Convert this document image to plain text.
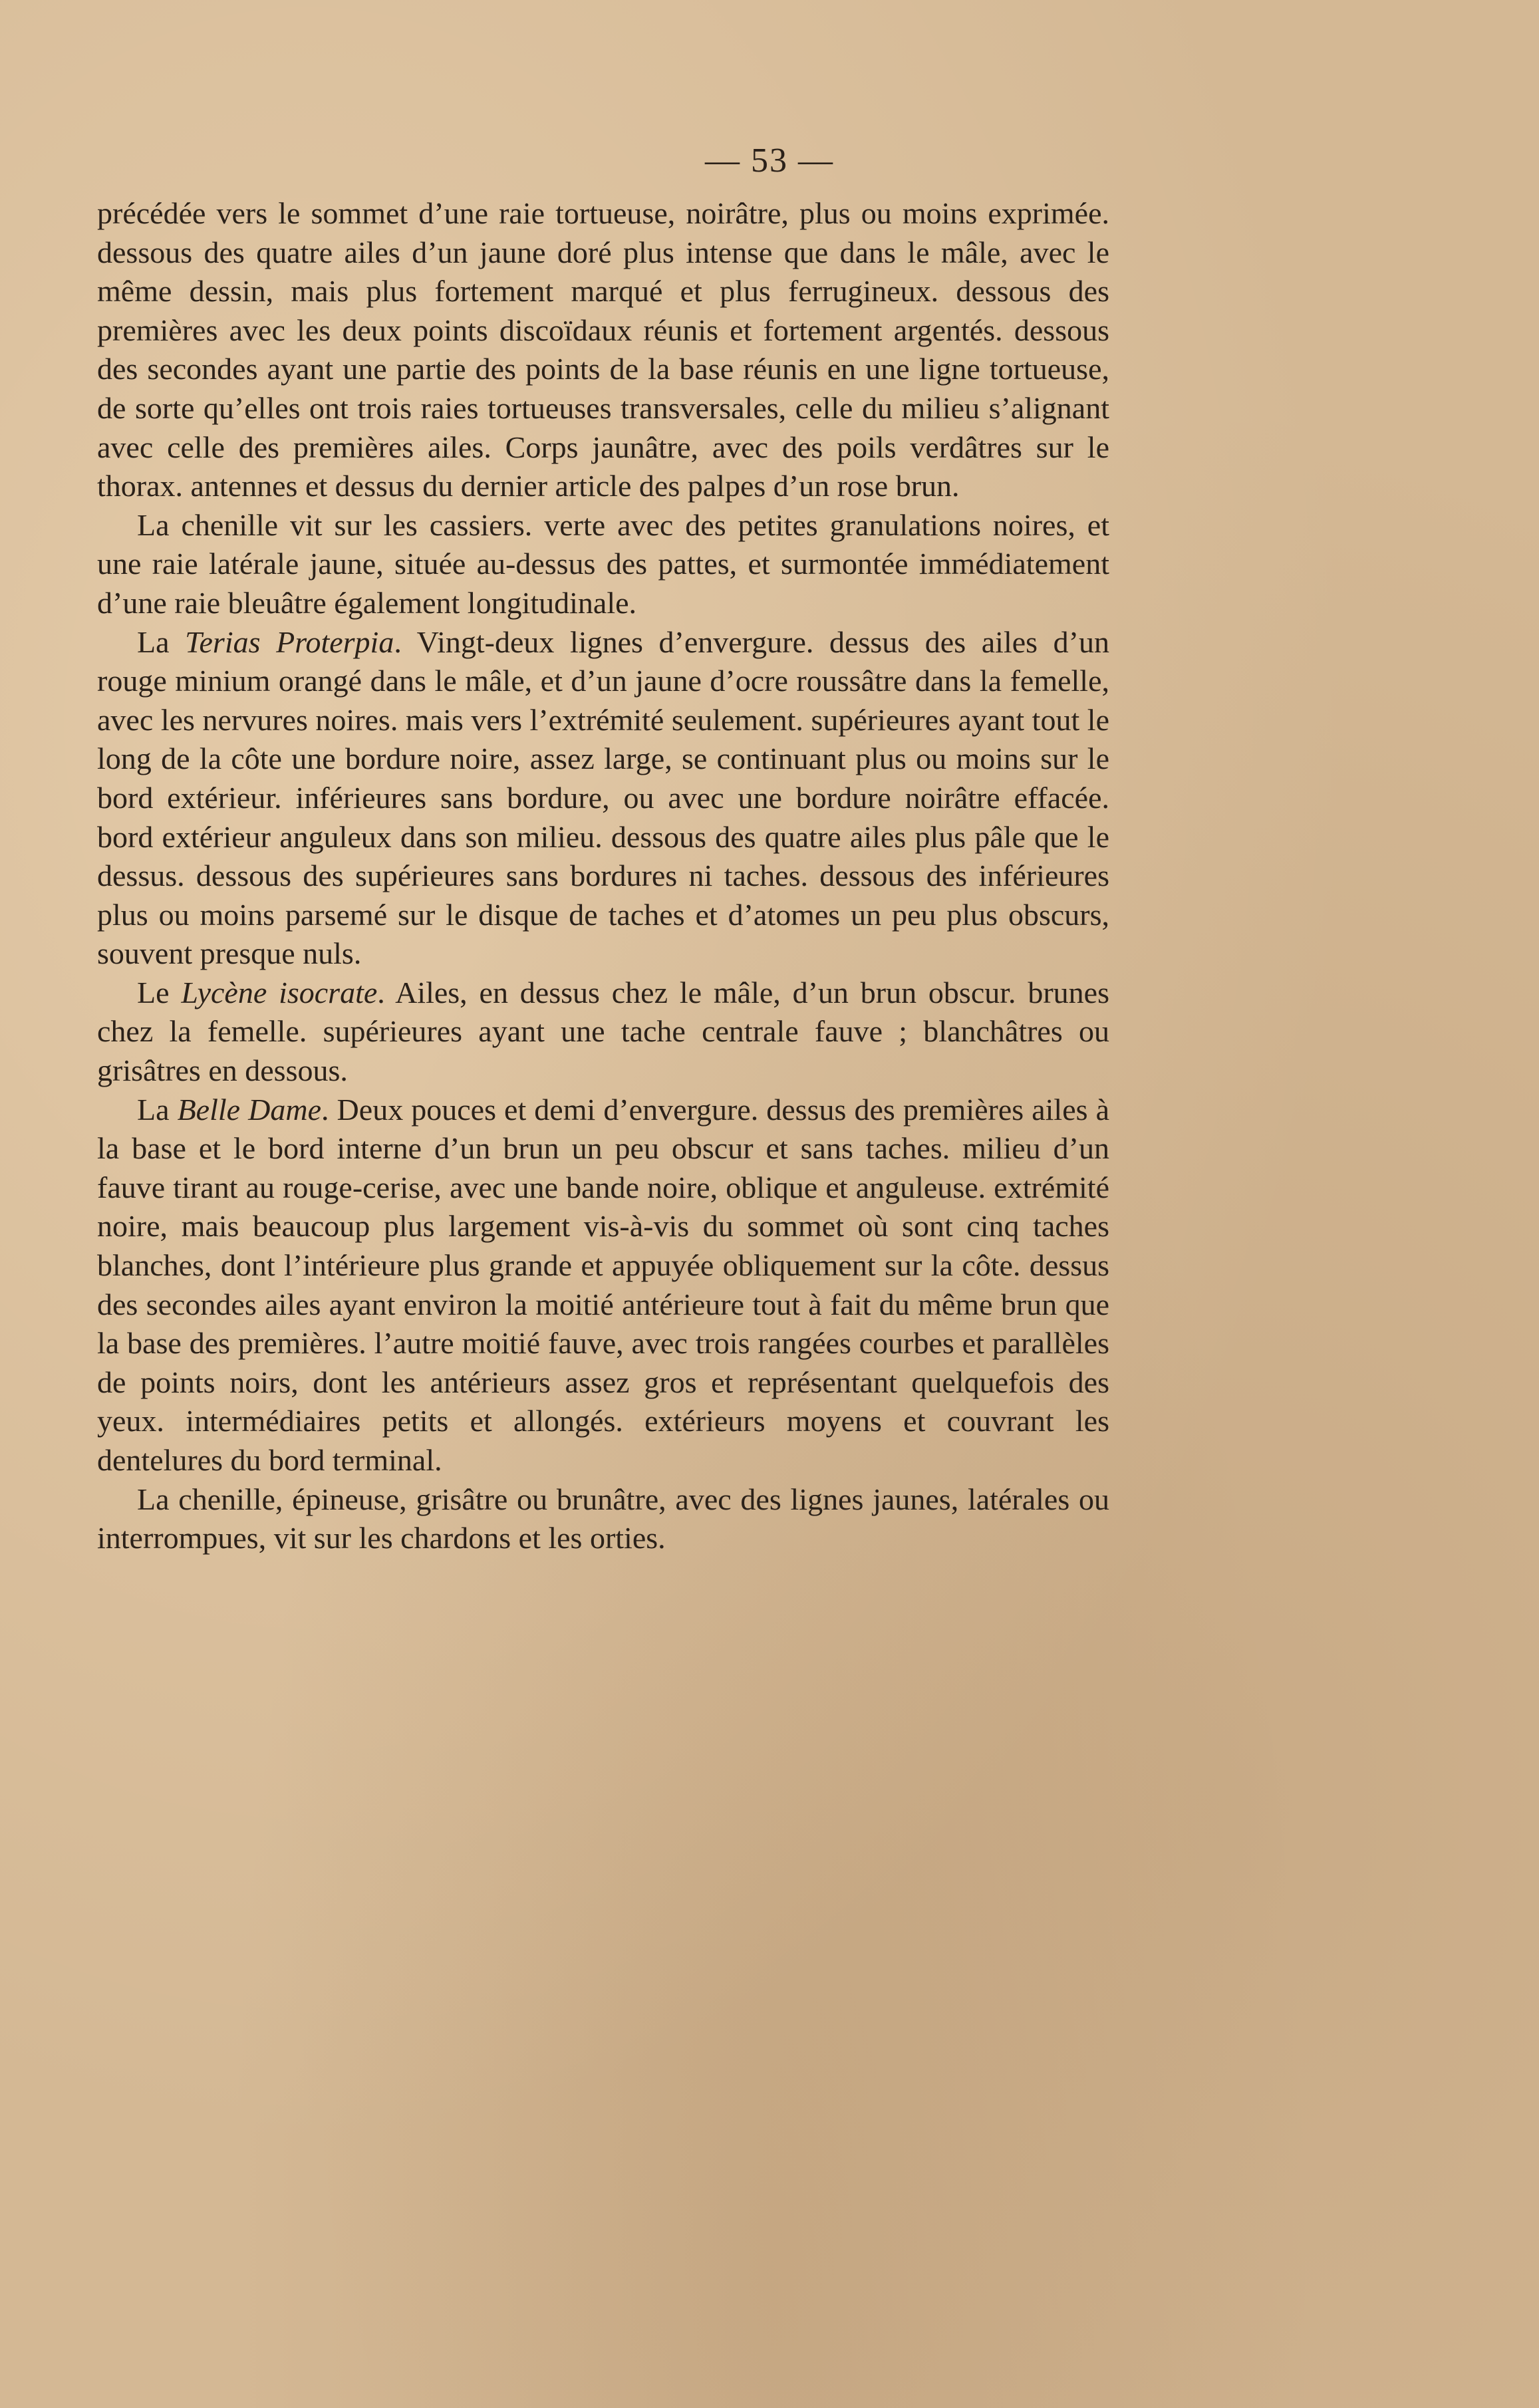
— 53 —

précédée vers le sommet d’une raie tortueuse, noirâtre, plus ou moins exprimée. dessous des quatre ailes d’un jaune doré plus intense que dans le mâle, avec le même dessin, mais plus fortement marqué et plus ferrugineux. dessous des premières avec les deux points discoïdaux réunis et fortement argentés. dessous des secondes ayant une partie des points de la base réunis en une ligne tortueuse, de sorte qu’elles ont trois raies tortueuses transversales, celle du milieu s’alignant avec celle des premières ailes. Corps jaunâtre, avec des poils verdâtres sur le thorax. antennes et dessus du dernier article des palpes d’un rose brun.

La chenille vit sur les cassiers. verte avec des petites granulations noires, et une raie latérale jaune, située au-dessus des pattes, et surmontée immédiatement d’une raie bleuâtre également longitudinale.

La Terias Proterpia. Vingt-deux lignes d’envergure. dessus des ailes d’un rouge minium orangé dans le mâle, et d’un jaune d’ocre roussâtre dans la femelle, avec les nervures noires. mais vers l’extrémité seulement. supérieures ayant tout le long de la côte une bordure noire, assez large, se continuant plus ou moins sur le bord extérieur. inférieures sans bordure, ou avec une bordure noirâtre effacée. bord extérieur anguleux dans son milieu. dessous des quatre ailes plus pâle que le dessus. dessous des supérieures sans bordures ni taches. dessous des inférieures plus ou moins parsemé sur le disque de taches et d’atomes un peu plus obscurs, souvent presque nuls.

Le Lycène isocrate. Ailes, en dessus chez le mâle, d’un brun obscur. brunes chez la femelle. supérieures ayant une tache centrale fauve ; blanchâtres ou grisâtres en dessous.

La Belle Dame. Deux pouces et demi d’envergure. dessus des premières ailes à la base et le bord interne d’un brun un peu obscur et sans taches. milieu d’un fauve tirant au rouge-cerise, avec une bande noire, oblique et anguleuse. extrémité noire, mais beaucoup plus largement vis-à-vis du sommet où sont cinq taches blanches, dont l’intérieure plus grande et appuyée obliquement sur la côte. dessus des secondes ailes ayant environ la moitié antérieure tout à fait du même brun que la base des premières. l’autre moitié fauve, avec trois rangées courbes et parallèles de points noirs, dont les antérieurs assez gros et représentant quelquefois des yeux. intermédiaires petits et allongés. extérieurs moyens et couvrant les dentelures du bord terminal.

La chenille, épineuse, grisâtre ou brunâtre, avec des lignes jaunes, latérales ou interrompues, vit sur les chardons et les orties.
